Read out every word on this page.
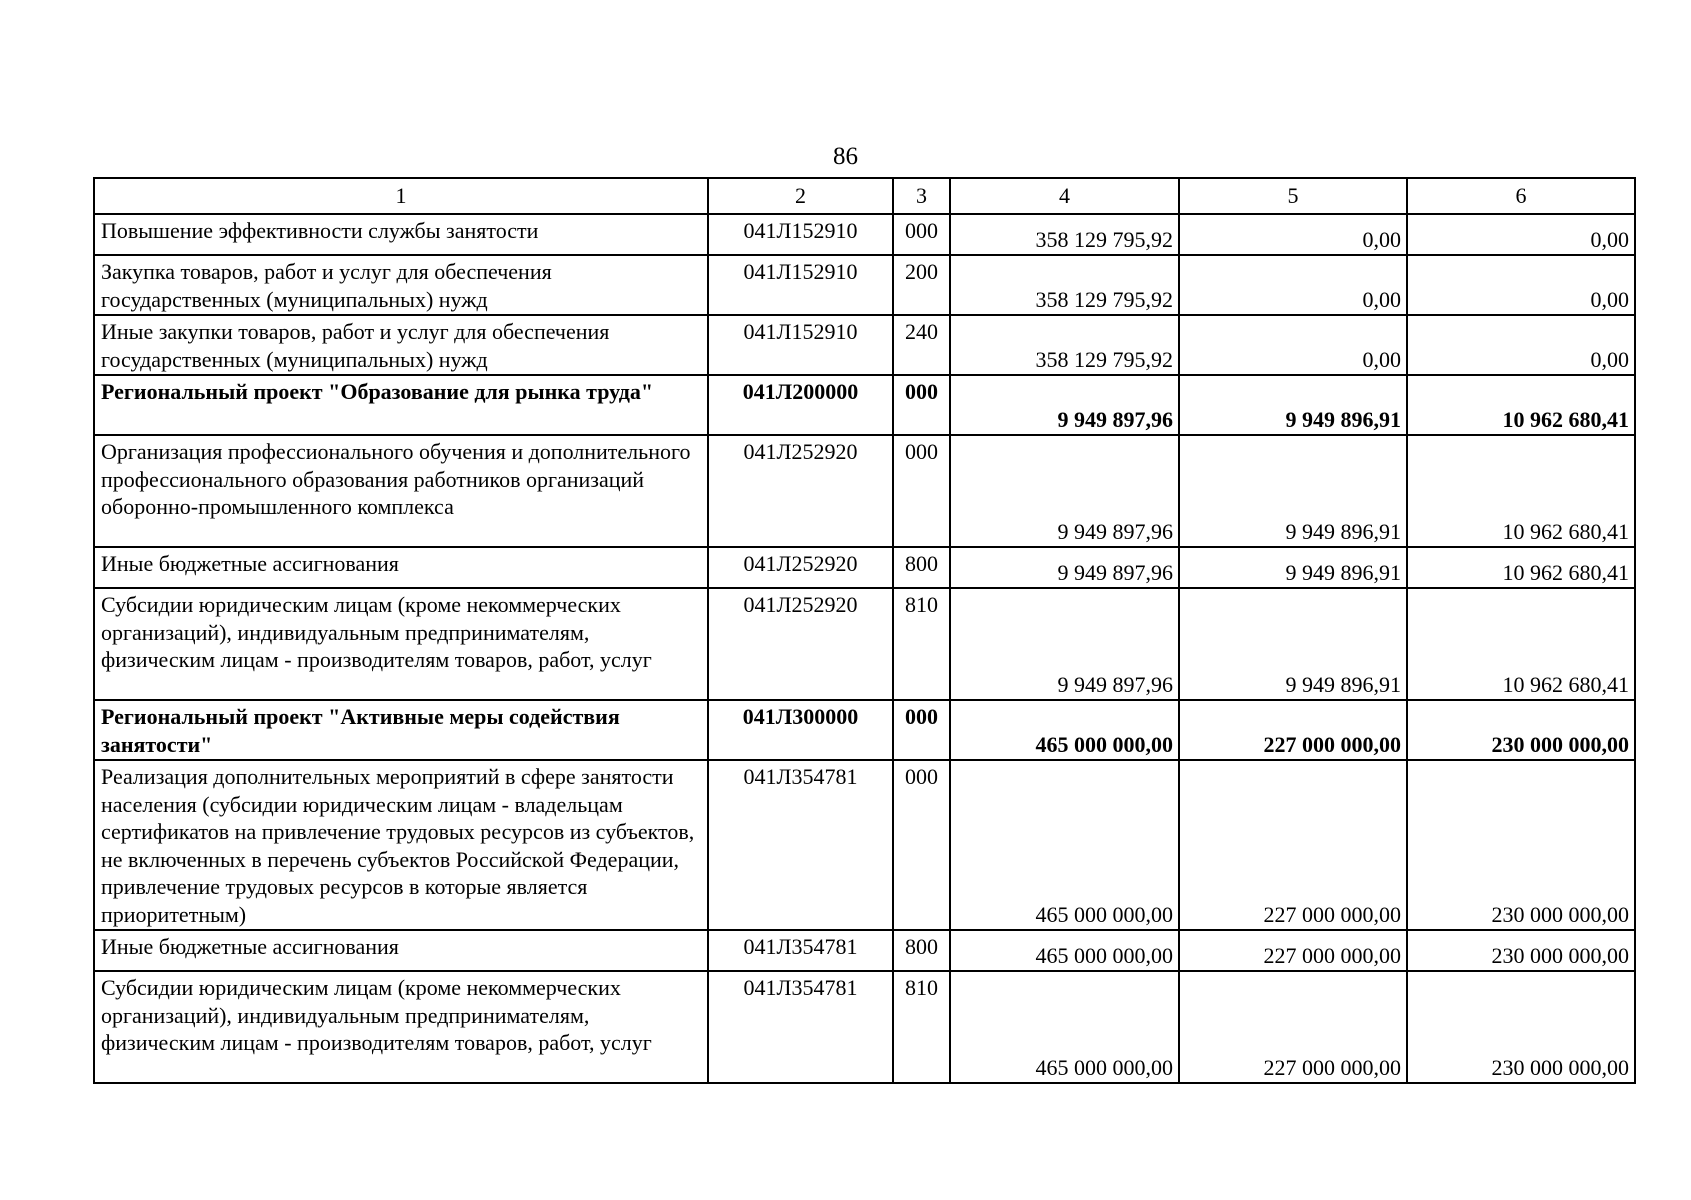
86
1	2	3	4	5	6
Повышение эффективности службы занятости	041Л152910	000	358 129 795,92	0,00	0,00
Закупка товаров, работ и услуг для обеспечения государственных (муниципальных) нужд	041Л152910	200	358 129 795,92	0,00	0,00
Иные закупки товаров, работ и услуг для обеспечения государственных (муниципальных) нужд	041Л152910	240	358 129 795,92	0,00	0,00
Региональный проект "Образование для рынка труда"	041Л200000	000	9 949 897,96	9 949 896,91	10 962 680,41
Организация профессионального обучения и дополнительного профессионального образования работников организаций оборонно-промышленного комплекса	041Л252920	000	9 949 897,96	9 949 896,91	10 962 680,41
Иные бюджетные ассигнования	041Л252920	800	9 949 897,96	9 949 896,91	10 962 680,41
Субсидии юридическим лицам (кроме некоммерческих организаций), индивидуальным предпринимателям, физическим лицам - производителям товаров, работ, услуг	041Л252920	810	9 949 897,96	9 949 896,91	10 962 680,41
Региональный проект "Активные меры содействия занятости"	041Л300000	000	465 000 000,00	227 000 000,00	230 000 000,00
Реализация дополнительных мероприятий в сфере занятости населения (субсидии юридическим лицам - владельцам сертификатов на привлечение трудовых ресурсов из субъектов, не включенных в перечень субъектов Российской Федерации, привлечение трудовых ресурсов в которые является приоритетным)	041Л354781	000	465 000 000,00	227 000 000,00	230 000 000,00
Иные бюджетные ассигнования	041Л354781	800	465 000 000,00	227 000 000,00	230 000 000,00
Субсидии юридическим лицам (кроме некоммерческих организаций), индивидуальным предпринимателям, физическим лицам - производителям товаров, работ, услуг	041Л354781	810	465 000 000,00	227 000 000,00	230 000 000,00
